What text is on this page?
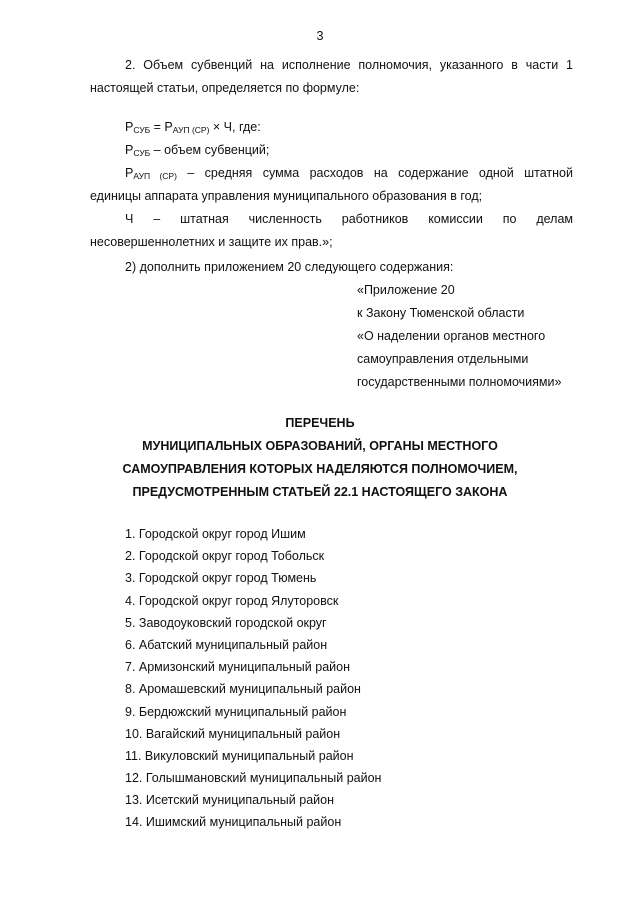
3
2. Объем субвенций на исполнение полномочия, указанного в части 1
настоящей статьи, определяется по формуле:
$Р_{СУБ} = Р_{АУП (СР)} \times Ч$, где:
$Р_{СУБ}$ – объем субвенций;
$Р_{АУП (СР)}$ – средняя сумма расходов на содержание одной штатной
единицы аппарата управления муниципального образования в год;
Ч – штатная численность работников комиссии по делам
несовершеннолетних и защите их прав.»;
2) дополнить приложением 20 следующего содержания:
«Приложение 20
к Закону Тюменской области
«О наделении органов местного
самоуправления отдельными
государственными полномочиями»
ПЕРЕЧЕНЬ
МУНИЦИПАЛЬНЫХ ОБРАЗОВАНИЙ, ОРГАНЫ МЕСТНОГО
САМОУПРАВЛЕНИЯ КОТОРЫХ НАДЕЛЯЮТСЯ ПОЛНОМОЧИЕМ,
ПРЕДУСМОТРЕННЫМ СТАТЬЕЙ 22.1 НАСТОЯЩЕГО ЗАКОНА
1. Городской округ город Ишим
2. Городской округ город Тобольск
3. Городской округ город Тюмень
4. Городской округ город Ялуторовск
5. Заводоуковский городской округ
6. Абатский муниципальный район
7. Армизонский муниципальный район
8. Аромашевский муниципальный район
9. Бердюжский муниципальный район
10. Вагайский муниципальный район
11. Викуловский муниципальный район
12. Голышмановский муниципальный район
13. Исетский муниципальный район
14. Ишимский муниципальный район
